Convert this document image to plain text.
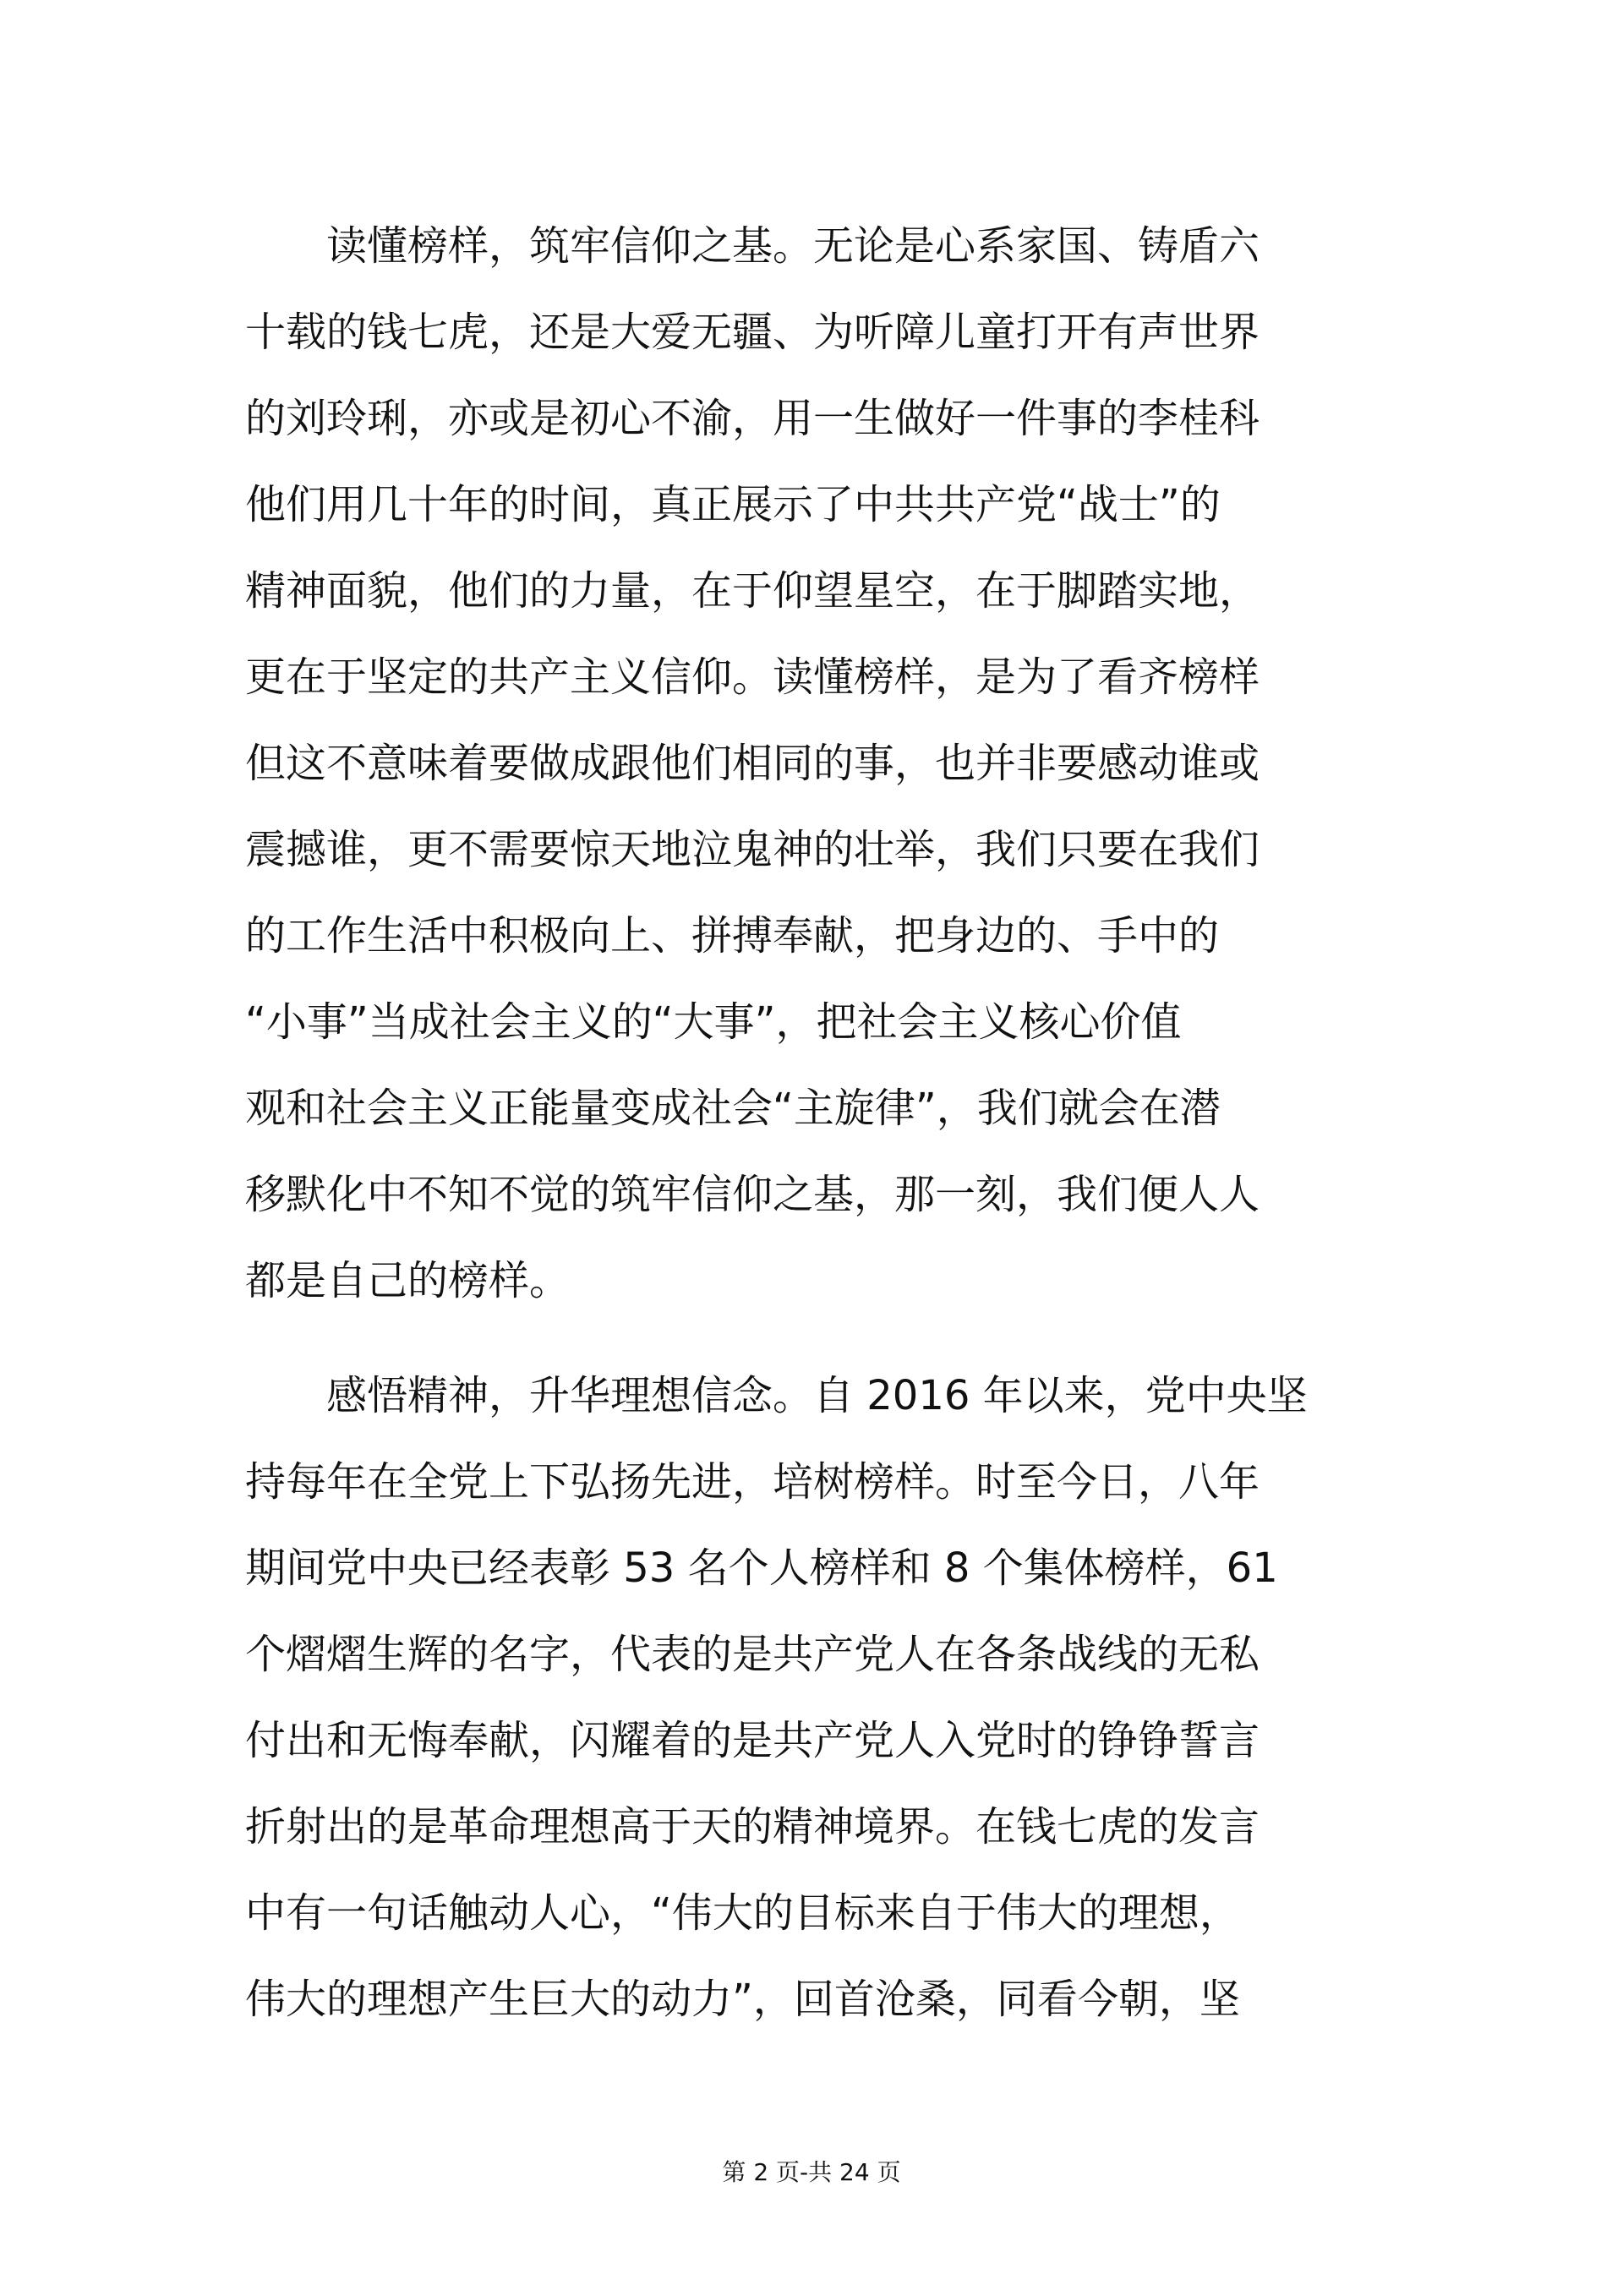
　　读懂榜样，筑牢信仰之基。无论是心系家国、铸盾六
十载的钱七虎，还是大爱无疆、为听障儿童打开有声世界
的刘玲琍，亦或是初心不渝，用一生做好一件事的李桂科
他们用几十年的时间，真正展示了中共共产党“战士”的
精神面貌，他们的力量，在于仰望星空，在于脚踏实地，
更在于坚定的共产主义信仰。读懂榜样，是为了看齐榜样
但这不意味着要做成跟他们相同的事，也并非要感动谁或
震撼谁，更不需要惊天地泣鬼神的壮举，我们只要在我们
的工作生活中积极向上、拼搏奉献，把身边的、手中的
“小事”当成社会主义的“大事”，把社会主义核心价值
观和社会主义正能量变成社会“主旋律”，我们就会在潜
移默化中不知不觉的筑牢信仰之基，那一刻，我们便人人
都是自己的榜样。
　　感悟精神，升华理想信念。自 2016 年以来，党中央坚
持每年在全党上下弘扬先进，培树榜样。时至今日，八年
期间党中央已经表彰 53 名个人榜样和 8 个集体榜样，61
个熠熠生辉的名字，代表的是共产党人在各条战线的无私
付出和无悔奉献，闪耀着的是共产党人入党时的铮铮誓言
折射出的是革命理想高于天的精神境界。在钱七虎的发言
中有一句话触动人心，“伟大的目标来自于伟大的理想，
伟大的理想产生巨大的动力”，回首沧桑，同看今朝，坚
第 2 页-共 24 页
